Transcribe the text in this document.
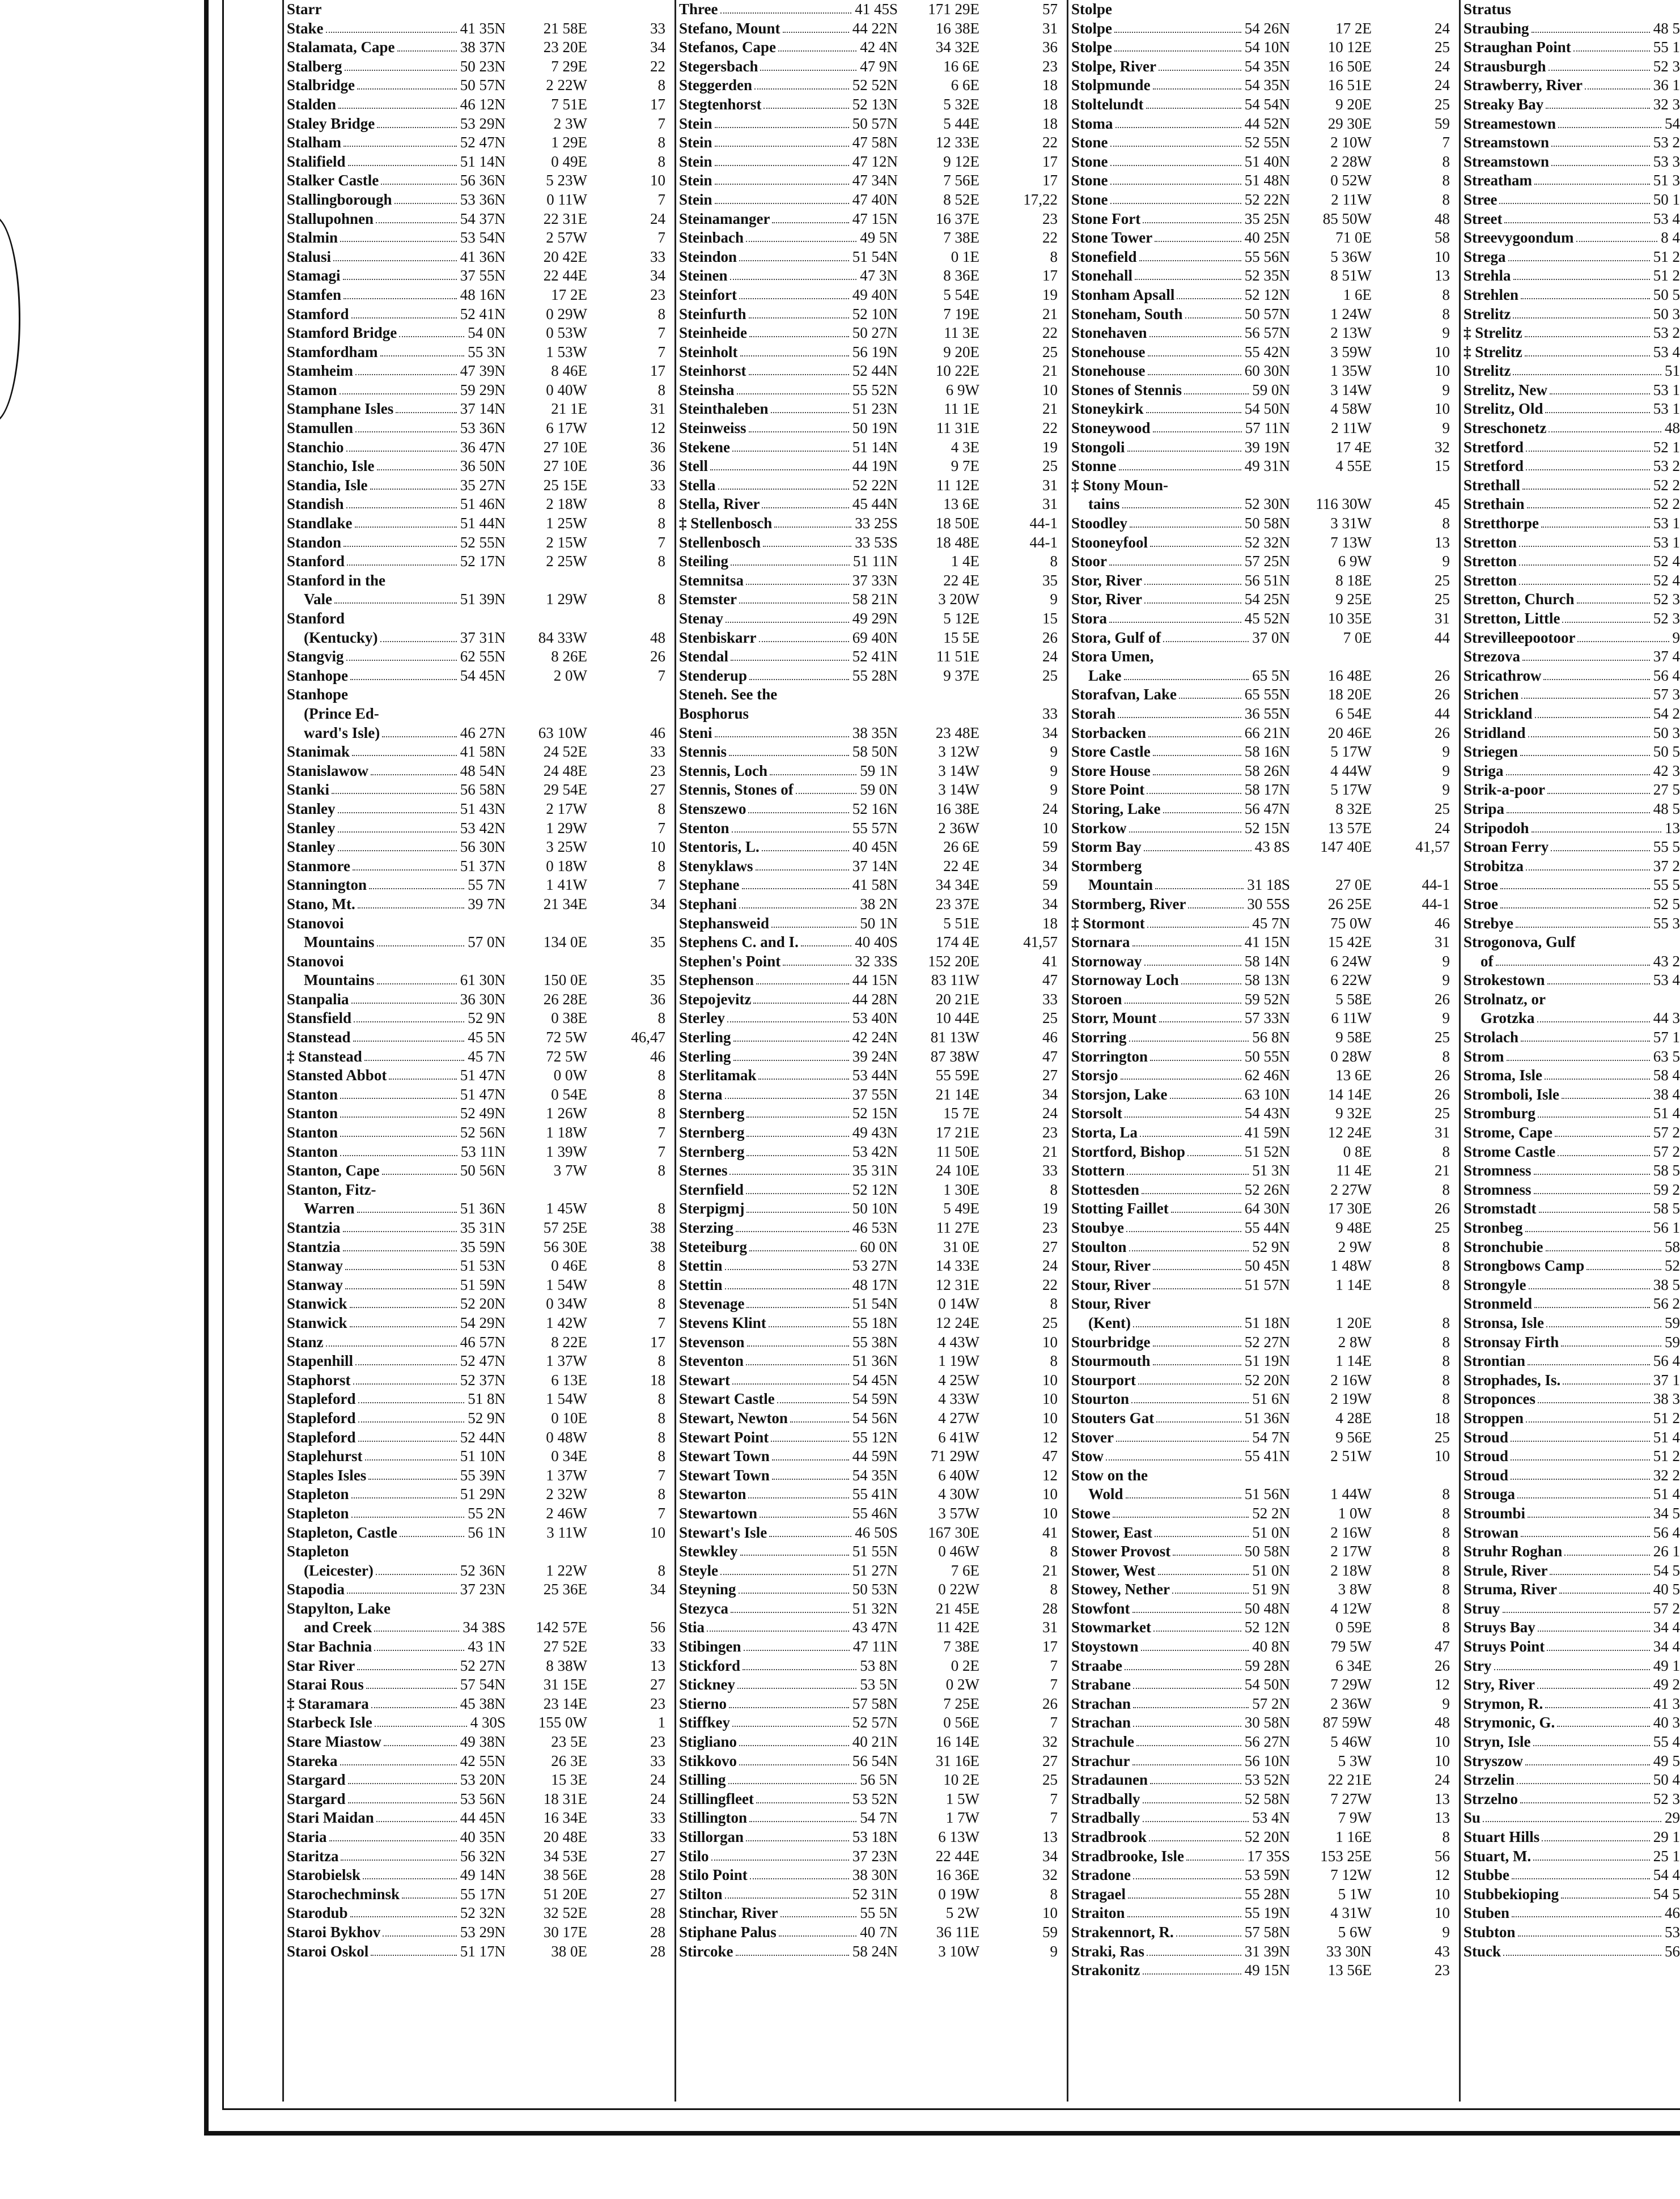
Starr
Stake	41 35N 21 58E	33
Stalamata, Cape	38 37N 23 20E	34
Stalberg	50 23N	7 29E	22
Stalbridge	50 57N	2 22W	8
Stalden	46 12N	7 51E	17
Staley Bridge	53 29N	2 3W	7
Stalham	52 47N	1 29E	8
Stalifield	51 14N	0 49E	8
Stalker Castle	56 36N	5 23W	10
Stallingborough	53 36N	0 11W	7
Stallupohnen	54 37N 22 31E	24
Stalmin	53 54N	2 57W	7
Stalusi	41 36N 20 42E	33
Stamagi	37 55N 22 44E	34
Stamfen	48 16N	17 2E	23
Stamford	52 41N	0 29W	8
Stamford Bridge	54 0N	0 53W	7
Stamfordham	55 3N	1 53W	7
Stamheim	47 39N	8 46E	17
Stamon	59 29N	0 40W	8
Stamphane Isles	37 14N	21 1E	31
Stamullen	53 36N	6 17W	12
Stanchio	36 47N 27 10E	36
Stanchio, Isle	36 50N 27 10E	36
Standia, Isle	35 27N 25 15E	33
Standish	51 46N	2 18W	8
Standlake	51 44N	1 25W	8
Standon	52 55N	2 15W	7
Stanford	52 17N	2 25W	8
Stanford in the
Vale	51 39N	1 29W	8
Stanford
(Kentucky)	37 31N 84 33W	48
Stangvig	62 55N	8 26E	26
Stanhope	54 45N	2 0W	7
Stanhope
(Prince Ed-
ward's Isle)	46 27N 63 10W	46
Stanimak	41 58N 24 52E	33
Stanislawow	48 54N 24 48E	23
Stanki	56 58N 29 54E	27
Stanley	51 43N	2 17W	8
Stanley	53 42N	1 29W	7
Stanley	56 30N	3 25W	10
Stanmore	51 37N	0 18W	8
Stannington	55 7N	1 41W	7
Stano, Mt.	39 7N 21 34E	34
Stanovoi
Mountains	57 0N 134 0E	35
Stanovoi
Mountains	61 30N 150 0E	35
Stanpalia	36 30N 26 28E	36
Stansfield	52 9N	0 38E	8
Stanstead	45 5N	72 5W	46,47
‡ Stanstead	45 7N	72 5W	46
Stansted Abbot	51 47N	0 0W	8
Stanton	51 47N	0 54E	8
Stanton	52 49N	1 26W	8
Stanton	52 56N	1 18W	7
Stanton	53 11N	1 39W	7
Stanton, Cape	50 56N	3 7W	8
Stanton, Fitz-
Warren	51 36N	1 45W	8
Stantzia	35 31N 57 25E	38
Stantzia	35 59N 56 30E	38
Stanway	51 53N	0 46E	8
Stanway	51 59N	1 54W	8
Stanwick	52 20N	0 34W	8
Stanwick	54 29N	1 42W	7
Stanz	46 57N	8 22E	17
Stapenhill	52 47N	1 37W	8
Staphorst	52 37N	6 13E	18
Stapleford	51 8N	1 54W	8
Stapleford	52 9N	0 10E	8
Stapleford	52 44N	0 48W	8
Staplehurst	51 10N	0 34E	8
Staples Isles	55 39N	1 37W	7
Stapleton	51 29N	2 32W	8
Stapleton	55 2N	2 46W	7
Stapleton, Castle	56 1N	3 11W	10
Stapleton
(Leicester)	52 36N	1 22W	8
Stapodia	37 23N 25 36E	34
Stapylton, Lake
and Creek	34 38S 142 57E	56
Star Bachnia	43 1N 27 52E	33
Star River	52 27N	8 38W	13
Starai Rous	57 54N 31 15E	27
‡ Staramara	45 38N 23 14E	23
Starbeck Isle	4 30S 155 0W	1
Stare Miastow	49 38N	23 5E	23
Stareka	42 55N	26 3E	33
Stargard	53 20N	15 3E	24
Stargard	53 56N 18 31E	24
Stari Maidan	44 45N 16 34E	33
Staria	40 35N 20 48E	33
Staritza	56 32N 34 53E	27
Starobielsk	49 14N 38 56E	28
Starochechminsk	55 17N 51 20E	27
Starodub	52 32N 32 52E	28
Staroi Bykhov	53 29N 30 17E	28
Staroi Oskol	51 17N	38 0E	28
Three	41 45S 171 29E	57
Stefano, Mount	44 22N 16 38E	31
Stefanos, Cape	42 4N 34 32E	36
Stegersbach	47 9N	16 6E	23
Steggerden	52 52N	6 6E	18
Stegtenhorst	52 13N	5 32E	18
Stein	50 57N	5 44E	18
Stein	47 58N 12 33E	22
Stein	47 12N	9 12E	17
Stein	47 34N	7 56E	17
Stein	47 40N	8 52E	17,22
Steinamanger	47 15N 16 37E	23
Steinbach	49 5N	7 38E	22
Steindon	51 54N	0 1E	8
Steinen	47 3N	8 36E	17
Steinfort	49 40N	5 54E	19
Steinfurth	52 10N	7 19E	21
Steinheide	50 27N	11 3E	22
Steinholt	56 19N	9 20E	25
Steinhorst	52 44N 10 22E	21
Steinsha	55 52N	6 9W	10
Steinthaleben	51 23N	11 1E	21
Steinweiss	50 19N	11 31E	22
Stekene	51 14N	4 3E	19
Stell	44 19N	9 7E	25
Stella	52 22N	11 12E	31
Stella, River	45 44N	13 6E	31
‡ Stellenbosch	33 25S 18 50E	44-1
Stellenbosch	33 53S 18 48E	44-1
Steiling	51 11N	1 4E	8
Stemnitsa	37 33N	22 4E	35
Stemster	58 21N	3 20W	9
Stenay	49 29N	5 12E	15
Stenbiskarr	69 40N	15 5E	26
Stendal	52 41N	11 51E	24
Stenderup	55 28N	9 37E	25
Steneh. See the
Bosphorus	33
Steni	38 35N 23 48E	34
Stennis	58 50N	3 12W	9
Stennis, Loch	59 1N	3 14W	9
Stennis, Stones of	59 0N	3 14W	9
Stenszewo	52 16N 16 38E	24
Stenton	55 57N	2 36W	10
Stentoris, L.	40 45N	26 6E	59
Stenyklaws	37 14N	22 4E	34
Stephane	41 58N 34 34E	59
Stephani	38 2N 23 37E	34
Stephansweid	50 1N	5 51E	18
Stephens C. and I.	40 40S 174 4E	41,57
Stephen's Point	32 33S 152 20E	41
Stephenson	44 15N 83 11W	47
Stepojevitz	44 28N 20 21E	33
Sterley	53 40N 10 44E	25
Sterling	42 24N 81 13W	46
Sterling	39 24N 87 38W	47
Sterlitamak	53 44N 55 59E	27
Sterna	37 55N 21 14E	34
Sternberg	52 15N	15 7E	24
Sternberg	49 43N 17 21E	23
Sternberg	53 42N	11 50E	21
Sternes	35 31N 24 10E	33
Sternfield	52 12N	1 30E	8
Sterpigmj	50 10N	5 49E	19
Sterzing	46 53N	11 27E	23
Steteiburg	60 0N	31 0E	27
Stettin	53 27N 14 33E	24
Stettin	48 17N 12 31E	22
Stevenage	51 54N	0 14W	8
Stevens Klint	55 18N 12 24E	25
Stevenson	55 38N	4 43W	10
Steventon	51 36N	1 19W	8
Stewart	54 45N	4 25W	10
Stewart Castle	54 59N	4 33W	10
Stewart, Newton	54 56N	4 27W	10
Stewart Point	55 12N	6 41W	12
Stewart Town	44 59N 71 29W	47
Stewart Town	54 35N	6 40W	12
Stewarton	55 41N	4 30W	10
Stewartown	55 46N	3 57W	10
Stewart's Isle	46 50S 167 30E	41
Stewkley	51 55N	0 46W	8
Steyle	51 27N	7 6E	21
Steyning	50 53N	0 22W	8
Stezyca	51 32N 21 45E	28
Stia	43 47N	11 42E	31
Stibingen	47 11N	7 38E	17
Stickford	53 8N	0 2E	7
Stickney	53 5N	0 2W	7
Stierno	57 58N	7 25E	26
Stiffkey	52 57N	0 56E	7
Stigliano	40 21N 16 14E	32
Stikkovo	56 54N 31 16E	27
Stilling	56 5N	10 2E	25
Stillingfleet	53 52N	1 5W	7
Stillington	54 7N	1 7W	7
Stillorgan	53 18N	6 13W	13
Stilo	37 23N 22 44E	34
Stilo Point	38 30N 16 36E	32
Stilton	52 31N	0 19W	8
Stinchar, River	55 5N	5 2W	10
Stiphane Palus	40 7N	36 11E	59
Stircoke	58 24N	3 10W	9
Stolpe
Stolpe	54 26N	17 2E	24
Stolpe	54 10N 10 12E	25
Stolpe, River	54 35N 16 50E	24
Stolpmunde	54 35N 16 51E	24
Stoltelundt	54 54N	9 20E	25
Stoma	44 52N 29 30E	59
Stone	52 55N	2 10W	7
Stone	51 40N	2 28W	8
Stone	51 48N	0 52W	8
Stone	52 22N	2 11W	8
Stone Fort	35 25N 85 50W	48
Stone Tower	40 25N	71 0E	58
Stonefield	55 56N	5 36W	10
Stonehall	52 35N	8 51W	13
Stonham Apsall	52 12N	1 6E	8
Stoneham, South	50 57N	1 24W	8
Stonehaven	56 57N	2 13W	9
Stonehouse	55 42N	3 59W	10
Stonehouse	60 30N	1 35W	10
Stones of Stennis	59 0N	3 14W	9
Stoneykirk	54 50N	4 58W	10
Stoneywood	57 11N	2 11W	9
Stongoli	39 19N	17 4E	32
Stonne	49 31N	4 55E	15
‡ Stony Moun-
tains	52 30N 116 30W	45
Stoodley	50 58N	3 31W	8
Stooneyfool	52 32N	7 13W	13
Stoor	57 25N	6 9W	9
Stor, River	56 51N	8 18E	25
Stor, River	54 25N	9 25E	25
Stora	45 52N 10 35E	31
Stora, Gulf of	37 0N	7 0E	44
Stora Umen,
Lake	65 5N 16 48E	26
Storafvan, Lake	65 55N 18 20E	26
Storah	36 55N	6 54E	44
Storbacken	66 21N 20 46E	26
Store Castle	58 16N	5 17W	9
Store House	58 26N	4 44W	9
Store Point	58 17N	5 17W	9
Storing, Lake	56 47N	8 32E	25
Storkow	52 15N 13 57E	24
Storm Bay	43 8S 147 40E	41,57
Stormberg
Mountain	31 18S	27 0E	44-1
Stormberg, River	30 55S 26 25E	44-1
‡ Stormont	45 7N	75 0W	46
Stornara	41 15N 15 42E	31
Stornoway	58 14N	6 24W	9
Stornoway Loch	58 13N	6 22W	9
Storoen	59 52N	5 58E	26
Storr, Mount	57 33N	6 11W	9
Storring	56 8N	9 58E	25
Storrington	50 55N	0 28W	8
Storsjo	62 46N	13 6E	26
Storsjon, Lake	63 10N 14 14E	26
Storsolt	54 43N	9 32E	25
Storta, La	41 59N 12 24E	31
Stortford, Bishop	51 52N	0 8E	8
Stottern	51 3N	11 4E	21
Stottesden	52 26N	2 27W	8
Stotting Faillet	64 30N 17 30E	26
Stoubye	55 44N	9 48E	25
Stoulton	52 9N	2 9W	8
Stour, River	50 45N	1 48W	8
Stour, River	51 57N	1 14E	8
Stour, River
(Kent)	51 18N	1 20E	8
Stourbridge	52 27N	2 8W	8
Stourmouth	51 19N	1 14E	8
Stourport	52 20N	2 16W	8
Stourton	51 6N	2 19W	8
Stouters Gat	51 36N	4 28E	18
Stover	54 7N	9 56E	25
Stow	55 41N	2 51W	10
Stow on the
Wold	51 56N	1 44W	8
Stowe	52 2N	1 0W	8
Stower, East	51 0N	2 16W	8
Stower Provost	50 58N	2 17W	8
Stower, West	51 0N	2 18W	8
Stowey, Nether	51 9N	3 8W	8
Stowfont	50 48N	4 12W	8
Stowmarket	52 12N	0 59E	8
Stoystown	40 8N	79 5W	47
Straabe	59 28N	6 34E	26
Strabane	54 50N	7 29W	12
Strachan	57 2N	2 36W	9
Strachan	30 58N 87 59W	48
Strachule	56 27N	5 46W	10
Strachur	56 10N	5 3W	10
Stradaunen	53 52N 22 21E	24
Stradbally	52 58N	7 27W	13
Stradbally	53 4N	7 9W	13
Stradbrook	52 20N	1 16E	8
Stradbrooke, Isle	17 35S 153 25E	56
Stradone	53 59N	7 12W	12
Stragael	55 28N	5 1W	10
Straiton	55 19N	4 31W	10
Strakennort, R.	57 58N	5 6W	9
Straki, Ras	31 39N 33 30N	43
Strakonitz	49 15N 13 56E	23
Stratus
Straubing	48 5
Straughan Point	55 1
Strausburgh	52 3
Strawberry, River	36 1
Streaky Bay	32 3
Streamestown	54
Streamstown	53 2
Streamstown	53 3
Streatham	51 3
Stree	50 1
Street	53 4
Streevygoondum	8 4
Strega	51 2
Strehla	51 2
Strehlen	50 5
Strelitz	50 3
‡ Strelitz	53 2
‡ Strelitz	53 4
Strelitz	51
Strelitz, New	53 1
Strelitz, Old	53 1
Streschonetz	48
Stretford	52 1
Stretford	53 2
Strethall	52 2
Strethain	52 2
Stretthorpe	53 1
Stretton	53 1
Stretton	52 4
Stretton	52 4
Stretton, Church	52 3
Stretton, Little	52 3
Strevilleepootoor	9
Strezova	37 4
Stricathrow	56 4
Strichen	57 3
Strickland	54 2
Stridland	50 3
Striegen	50 5
Striga	42 3
Strik-a-poor	27 5
Stripa	48 5
Stripodoh	13
Stroan Ferry	55 5
Strobitza	37 2
Stroe	55 5
Stroe	52 5
Strebye	55 3
Strogonova, Gulf
of	43 2
Strokestown	53 4
Strolnatz, or
Grotzka	44 3
Strolach	57 1
Strom	63 5
Stroma, Isle	58 4
Stromboli, Isle	38 4
Stromburg	51 4
Strome, Cape	57 2
Strome Castle	57 2
Stromness	58 5
Stromness	59 2
Stromstadt	58 5
Stronbeg	56 1
Stronchubie	58
Strongbows Camp	52
Strongyle	38 5
Stronmeld	56 2
Stronsa, Isle	59
Stronsay Firth	59
Strontian	56 4
Strophades, Is.	37 1
Stroponces	38 3
Stroppen	51 2
Stroud	51 4
Stroud	51 2
Stroud	32 2
Strouga	51 4
Stroumbi	34 5
Strowan	56 4
Struhr Roghan	26 1
Strule, River	54 5
Struma, River	40 5
Struy	57 2
Struys Bay	34 4
Struys Point	34 4
Stry	49 1
Stry, River	49 2
Strymon, R.	41 3
Strymonic, G.	40 3
Stryn, Isle	55 4
Stryszow	49 5
Strzelin	50 4
Strzelno	52 3
Su	29
Stuart Hills	29 1
Stuart, M.	25 1
Stubbe	54 4
Stubbekioping	54 5
Stuben	46
Stubton	53
Stuck	56
